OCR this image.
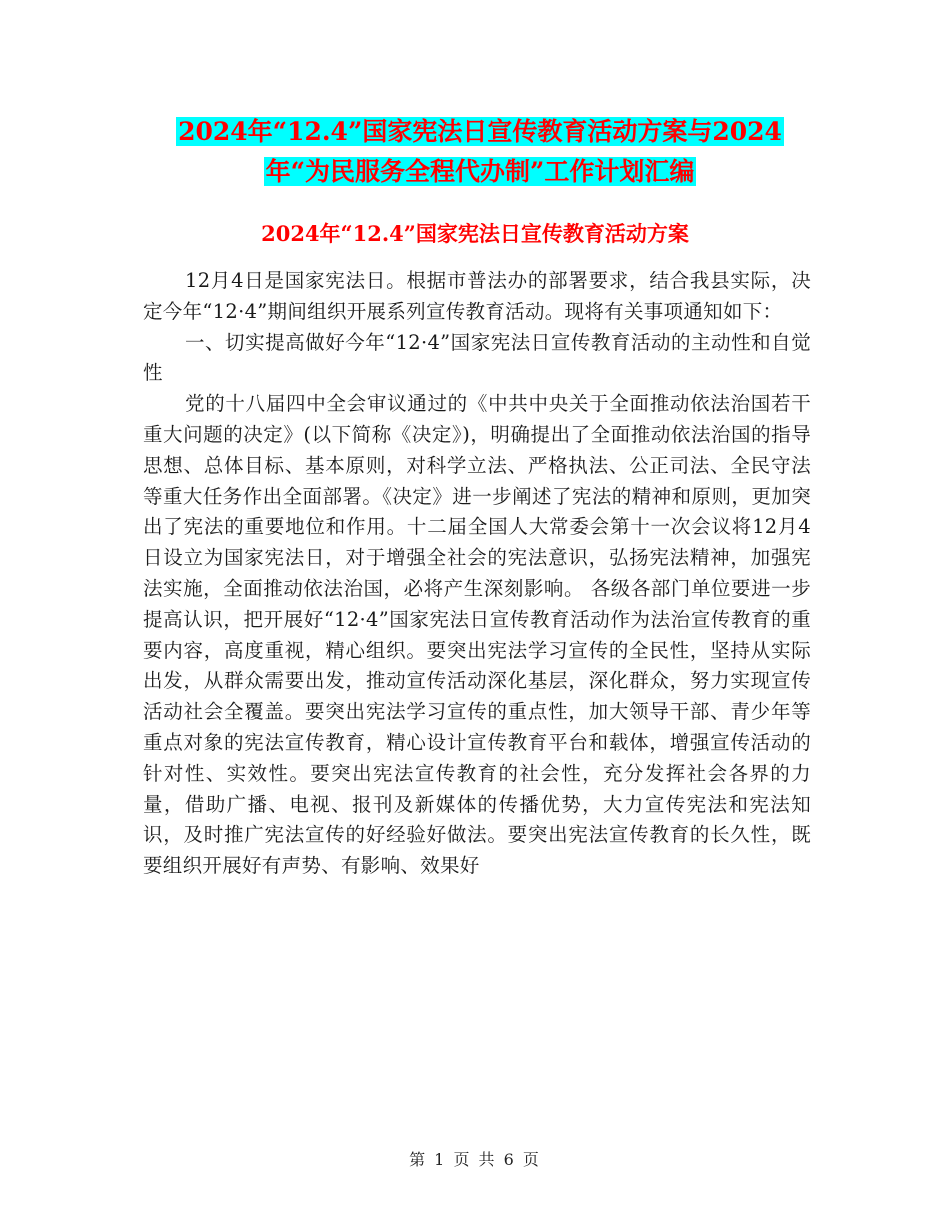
2024年“12.4”国家宪法日宣传教育活动方案与2024
年“为民服务全程代办制”工作计划汇编
2024年“12.4”国家宪法日宣传教育活动方案

12月4日是国家宪法日。根据市普法办的部署要求，结合我县实际，决定今年“12·4”期间组织开展系列宣传教育活动。现将有关事项通知如下：

一、切实提高做好今年“12·4”国家宪法日宣传教育活动的主动性和自觉性

党的十八届四中全会审议通过的《中共中央关于全面推动依法治国若干重大问题的决定》(以下简称《决定》)，明确提出了全面推动依法治国的指导思想、总体目标、基本原则，对科学立法、严格执法、公正司法、全民守法等重大任务作出全面部署。《决定》进一步阐述了宪法的精神和原则，更加突出了宪法的重要地位和作用。十二届全国人大常委会第十一次会议将12月4日设立为国家宪法日，对于增强全社会的宪法意识，弘扬宪法精神，加强宪法实施，全面推动依法治国，必将产生深刻影响。 各级各部门单位要进一步提高认识，把开展好“12·4”国家宪法日宣传教育活动作为法治宣传教育的重要内容，高度重视，精心组织。要突出宪法学习宣传的全民性，坚持从实际出发，从群众需要出发，推动宣传活动深化基层，深化群众，努力实现宣传活动社会全覆盖。要突出宪法学习宣传的重点性，加大领导干部、青少年等重点对象的宪法宣传教育，精心设计宣传教育平台和载体，增强宣传活动的针对性、实效性。要突出宪法宣传教育的社会性，充分发挥社会各界的力量，借助广播、电视、报刊及新媒体的传播优势，大力宣传宪法和宪法知识，及时推广宪法宣传的好经验好做法。要突出宪法宣传教育的长久性，既要组织开展好有声势、有影响、效果好

第 1 页 共 6 页
